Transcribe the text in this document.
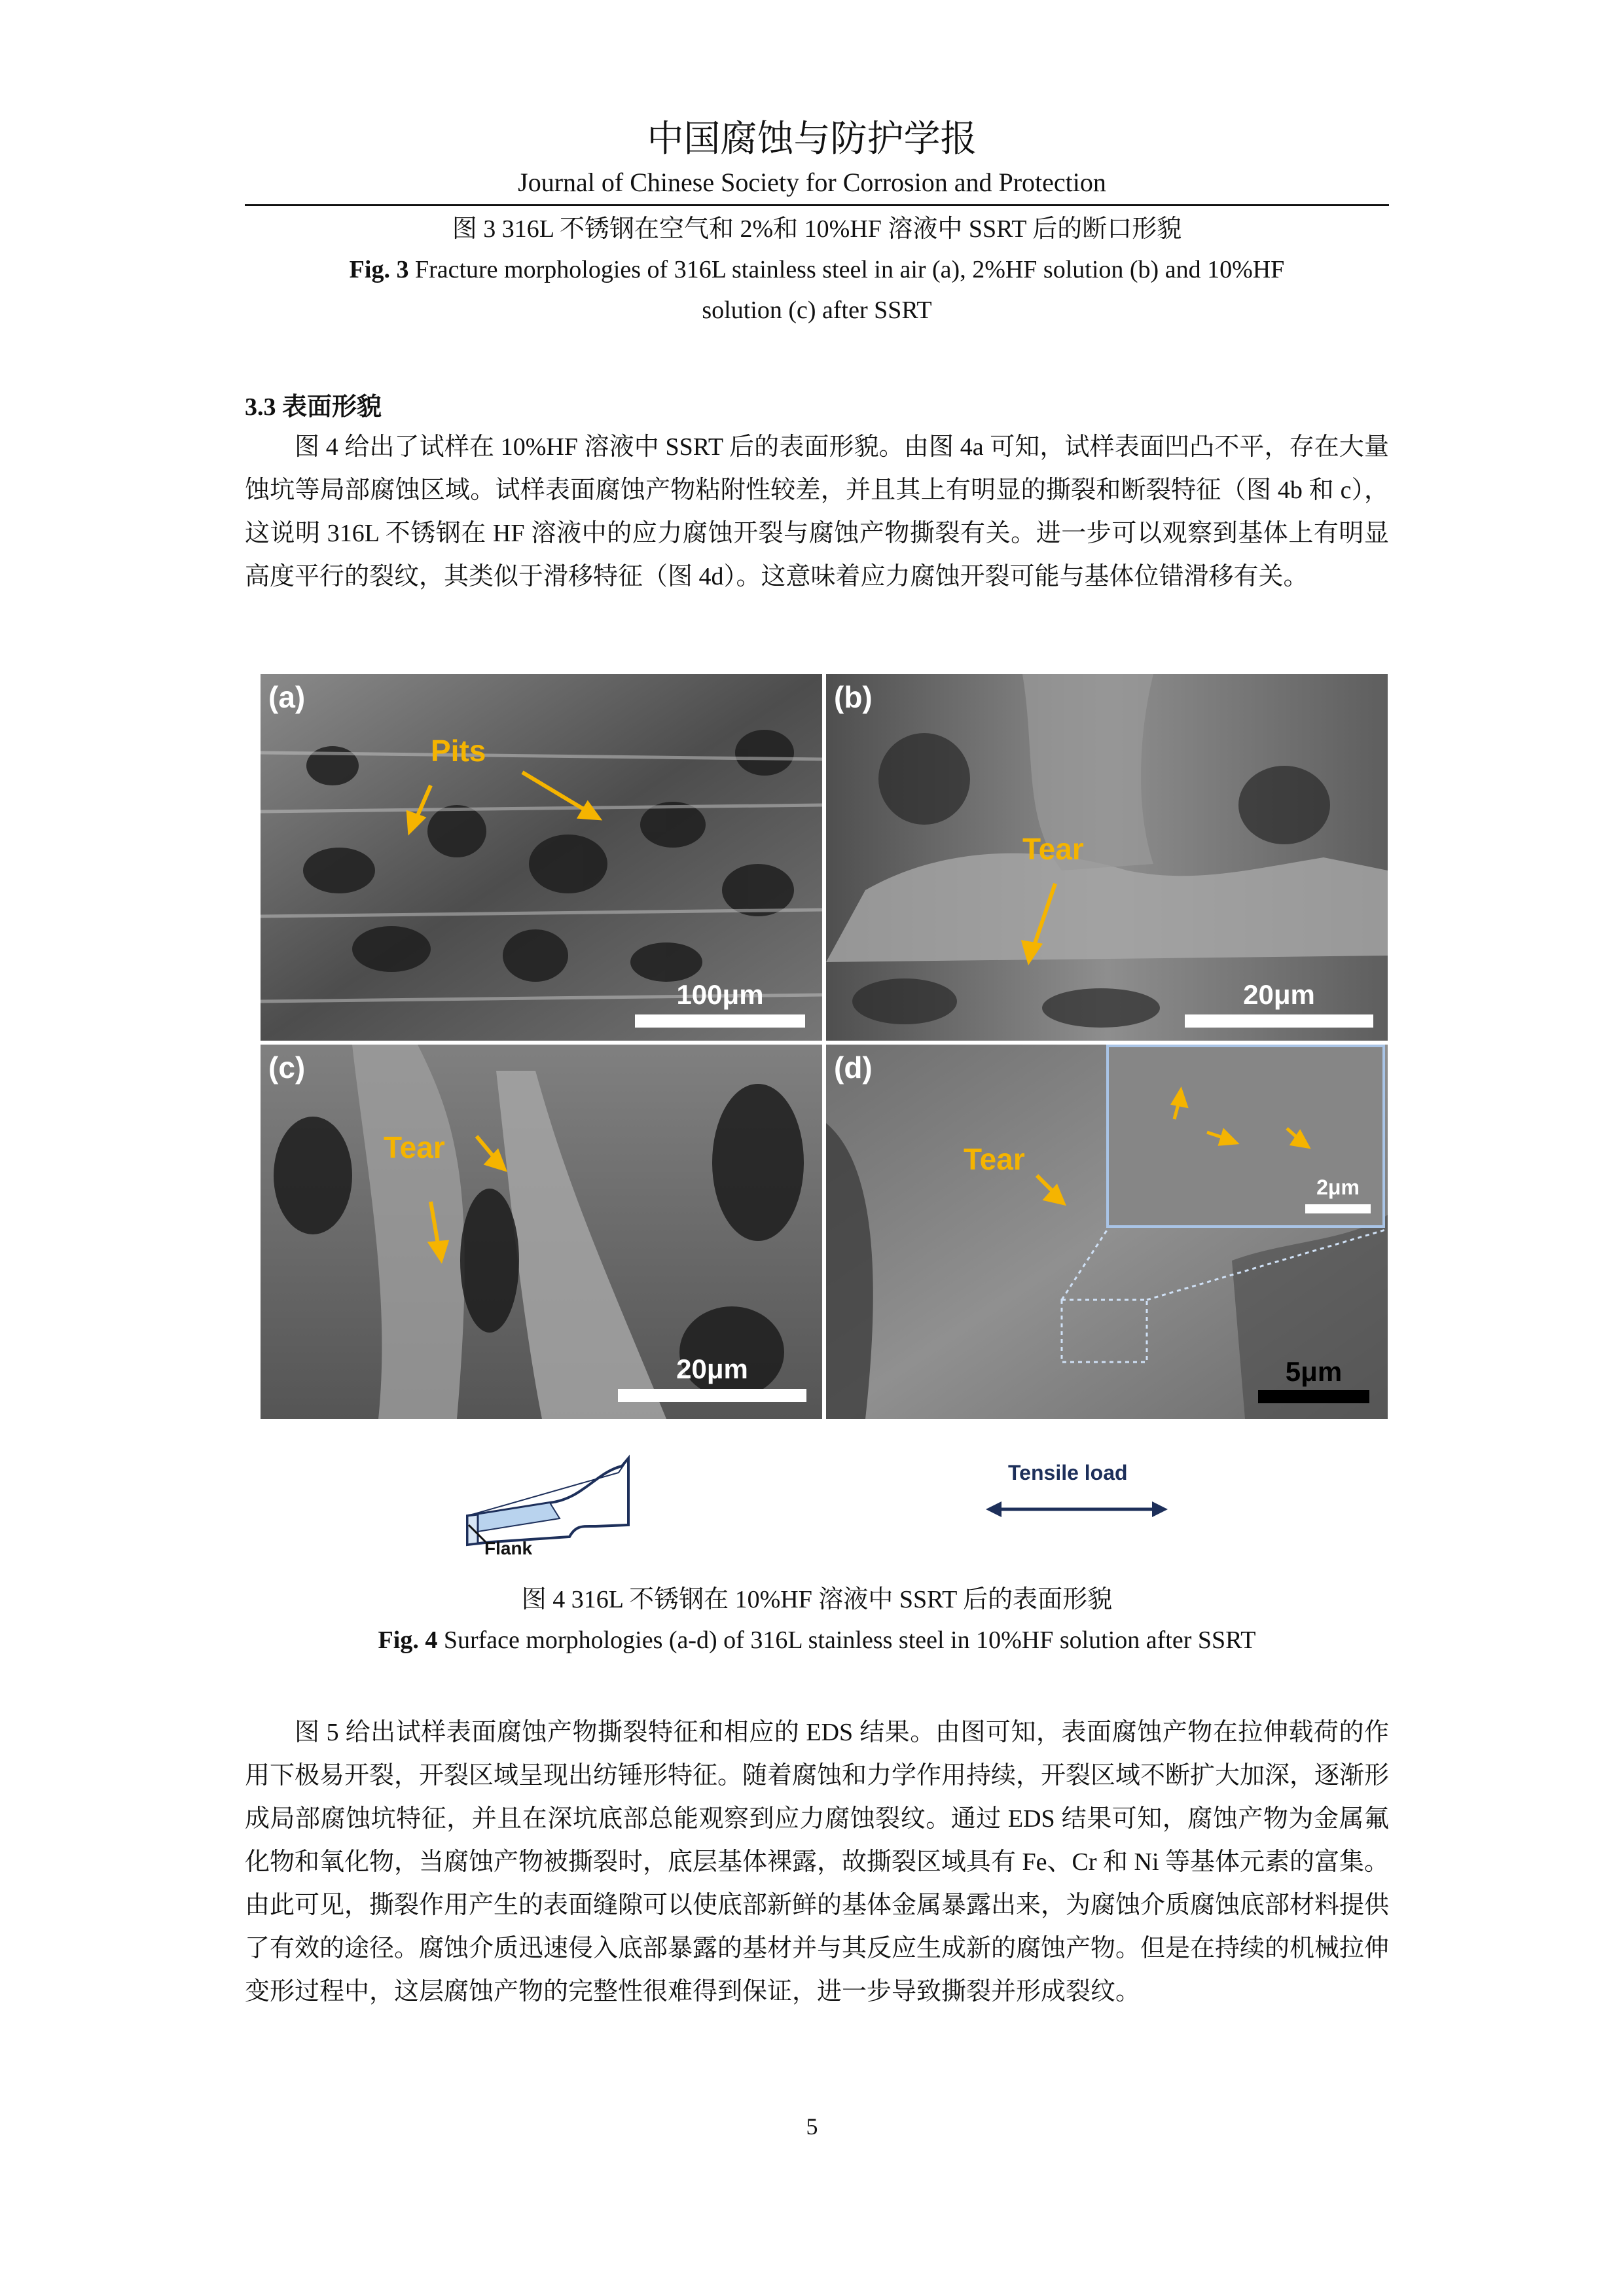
中国腐蚀与防护学报
Journal of Chinese Society for Corrosion and Protection
图 3 316L 不锈钢在空气和 2%和 10%HF 溶液中 SSRT 后的断口形貌
Fig. 3 Fracture morphologies of 316L stainless steel in air (a), 2%HF solution (b) and 10%HF
solution (c) after SSRT
3.3 表面形貌
图 4 给出了试样在 10%HF 溶液中 SSRT 后的表面形貌。由图 4a 可知，试样表面凹凸不平，存在大量蚀坑等局部腐蚀区域。试样表面腐蚀产物粘附性较差，并且其上有明显的撕裂和断裂特征（图 4b 和 c），这说明 316L 不锈钢在 HF 溶液中的应力腐蚀开裂与腐蚀产物撕裂有关。进一步可以观察到基体上有明显高度平行的裂纹，其类似于滑移特征（图 4d）。这意味着应力腐蚀开裂可能与基体位错滑移有关。
(a)
Pits
100μm
(b)
Tear
20μm
(c)
Tear
20μm
(d)
Tear
2μm
5μm
Flank
Tensile load
图 4 316L 不锈钢在 10%HF 溶液中 SSRT 后的表面形貌
Fig. 4 Surface morphologies (a-d) of 316L stainless steel in 10%HF solution after SSRT
图 5 给出试样表面腐蚀产物撕裂特征和相应的 EDS 结果。由图可知，表面腐蚀产物在拉伸载荷的作用下极易开裂，开裂区域呈现出纺锤形特征。随着腐蚀和力学作用持续，开裂区域不断扩大加深，逐渐形成局部腐蚀坑特征，并且在深坑底部总能观察到应力腐蚀裂纹。通过 EDS 结果可知，腐蚀产物为金属氟化物和氧化物，当腐蚀产物被撕裂时，底层基体裸露，故撕裂区域具有 Fe、Cr 和 Ni 等基体元素的富集。由此可见，撕裂作用产生的表面缝隙可以使底部新鲜的基体金属暴露出来，为腐蚀介质腐蚀底部材料提供了有效的途径。腐蚀介质迅速侵入底部暴露的基材并与其反应生成新的腐蚀产物。但是在持续的机械拉伸变形过程中，这层腐蚀产物的完整性很难得到保证，进一步导致撕裂并形成裂纹。
5
